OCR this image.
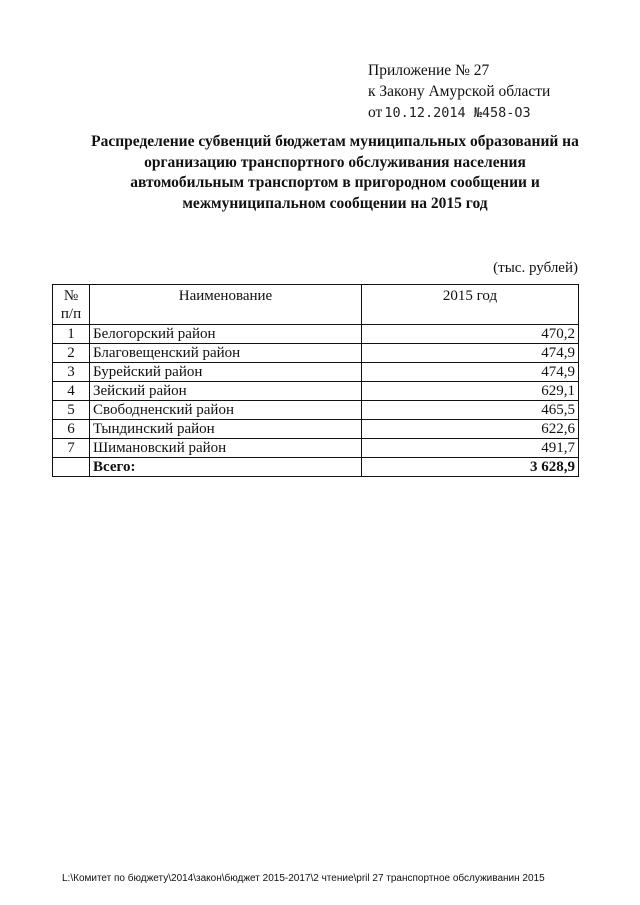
Приложение № 27
к Закону Амурской области
от 10.12.2014 №458-ОЗ
Распределение субвенций бюджетам муниципальных образований на
организацию транспортного обслуживания населения
автомобильным транспортом в пригородном сообщении и
межмуниципальном сообщении на 2015 год
(тыс. рублей)
№
п/п	Наименование	2015 год
1	Белогорский район	470,2
2	Благовещенский район	474,9
3	Бурейский район	474,9
4	Зейский район	629,1
5	Свободненский район	465,5
6	Тындинский район	622,6
7	Шимановский район	491,7
	Всего:	3 628,9
L:\Комитет по бюджету\2014\закон\бюджет 2015-2017\2 чтение\pril 27 транспортное обслуживанин 2015
